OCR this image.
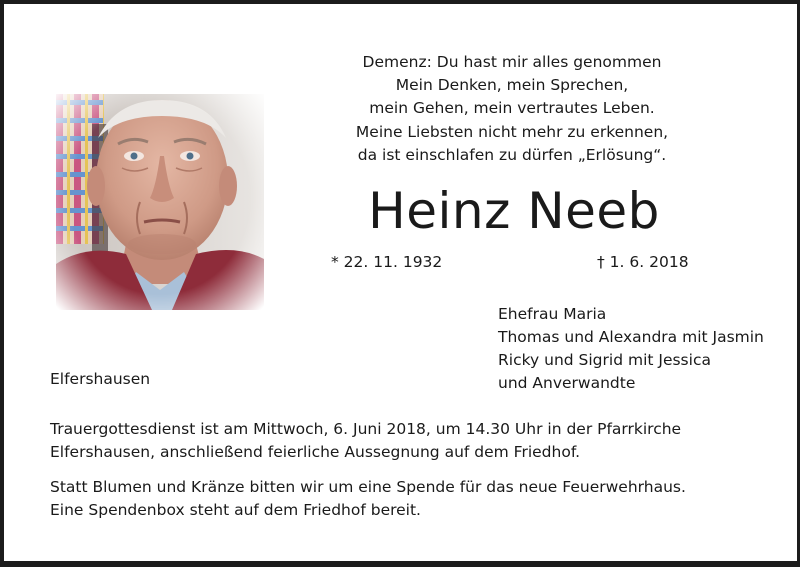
Demenz: Du hast mir alles genommen
Mein Denken, mein Sprechen,
mein Gehen, mein vertrautes Leben.
Meine Liebsten nicht mehr zu erkennen,
da ist einschlafen zu dürfen „Erlösung“.

Heinz Neeb
* 22. 11. 1932	† 1. 6. 2018
Ehefrau Maria
Thomas und Alexandra mit Jasmin
Ricky und Sigrid mit Jessica
und Anverwandte
Elfershausen

Trauergottesdienst ist am Mittwoch, 6. Juni 2018, um 14.30 Uhr in der Pfarrkirche
Elfershausen, anschließend feierliche Aussegnung auf dem Friedhof.

Statt Blumen und Kränze bitten wir um eine Spende für das neue Feuerwehrhaus.
Eine Spendenbox steht auf dem Friedhof bereit.
